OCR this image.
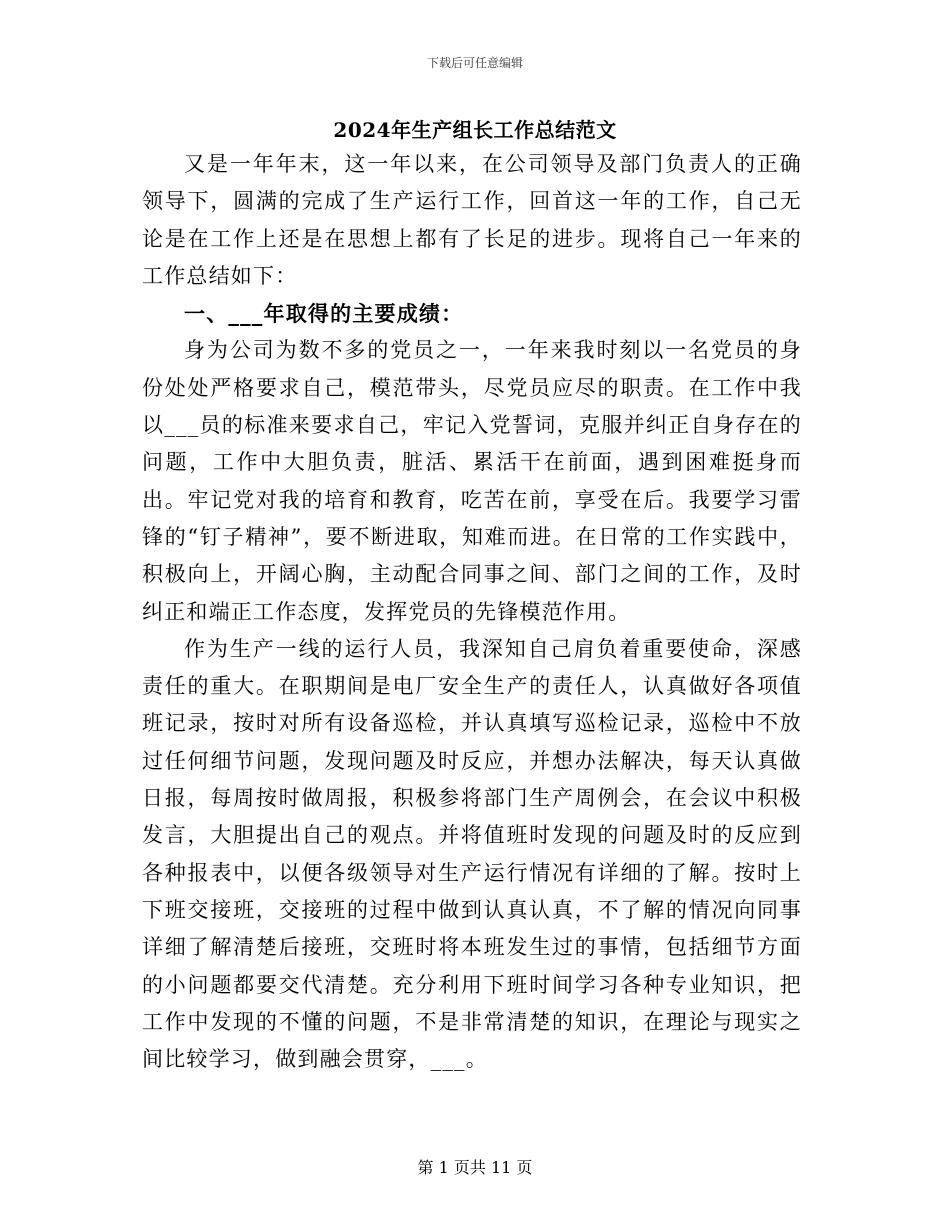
下载后可任意编辑
2024年生产组长工作总结范文

又是一年年末，这一年以来，在公司领导及部门负责人的正确领导下，圆满的完成了生产运行工作，回首这一年的工作，自己无论是在工作上还是在思想上都有了长足的进步。现将自己一年来的工作总结如下：

一、___年取得的主要成绩：

身为公司为数不多的党员之一，一年来我时刻以一名党员的身份处处严格要求自己，模范带头，尽党员应尽的职责。在工作中我以___员的标准来要求自己，牢记入党誓词，克服并纠正自身存在的问题，工作中大胆负责，脏活、累活干在前面，遇到困难挺身而出。牢记党对我的培育和教育，吃苦在前，享受在后。我要学习雷锋的“钉子精神”，要不断进取，知难而进。在日常的工作实践中，积极向上，开阔心胸，主动配合同事之间、部门之间的工作，及时纠正和端正工作态度，发挥党员的先锋模范作用。

作为生产一线的运行人员，我深知自己肩负着重要使命，深感责任的重大。在职期间是电厂安全生产的责任人，认真做好各项值班记录，按时对所有设备巡检，并认真填写巡检记录，巡检中不放过任何细节问题，发现问题及时反应，并想办法解决，每天认真做日报，每周按时做周报，积极参将部门生产周例会，在会议中积极发言，大胆提出自己的观点。并将值班时发现的问题及时的反应到各种报表中，以便各级领导对生产运行情况有详细的了解。按时上下班交接班，交接班的过程中做到认真认真，不了解的情况向同事详细了解清楚后接班，交班时将本班发生过的事情，包括细节方面的小问题都要交代清楚。充分利用下班时间学习各种专业知识，把工作中发现的不懂的问题，不是非常清楚的知识，在理论与现实之间比较学习，做到融会贯穿，___。

第 1 页共 11 页
